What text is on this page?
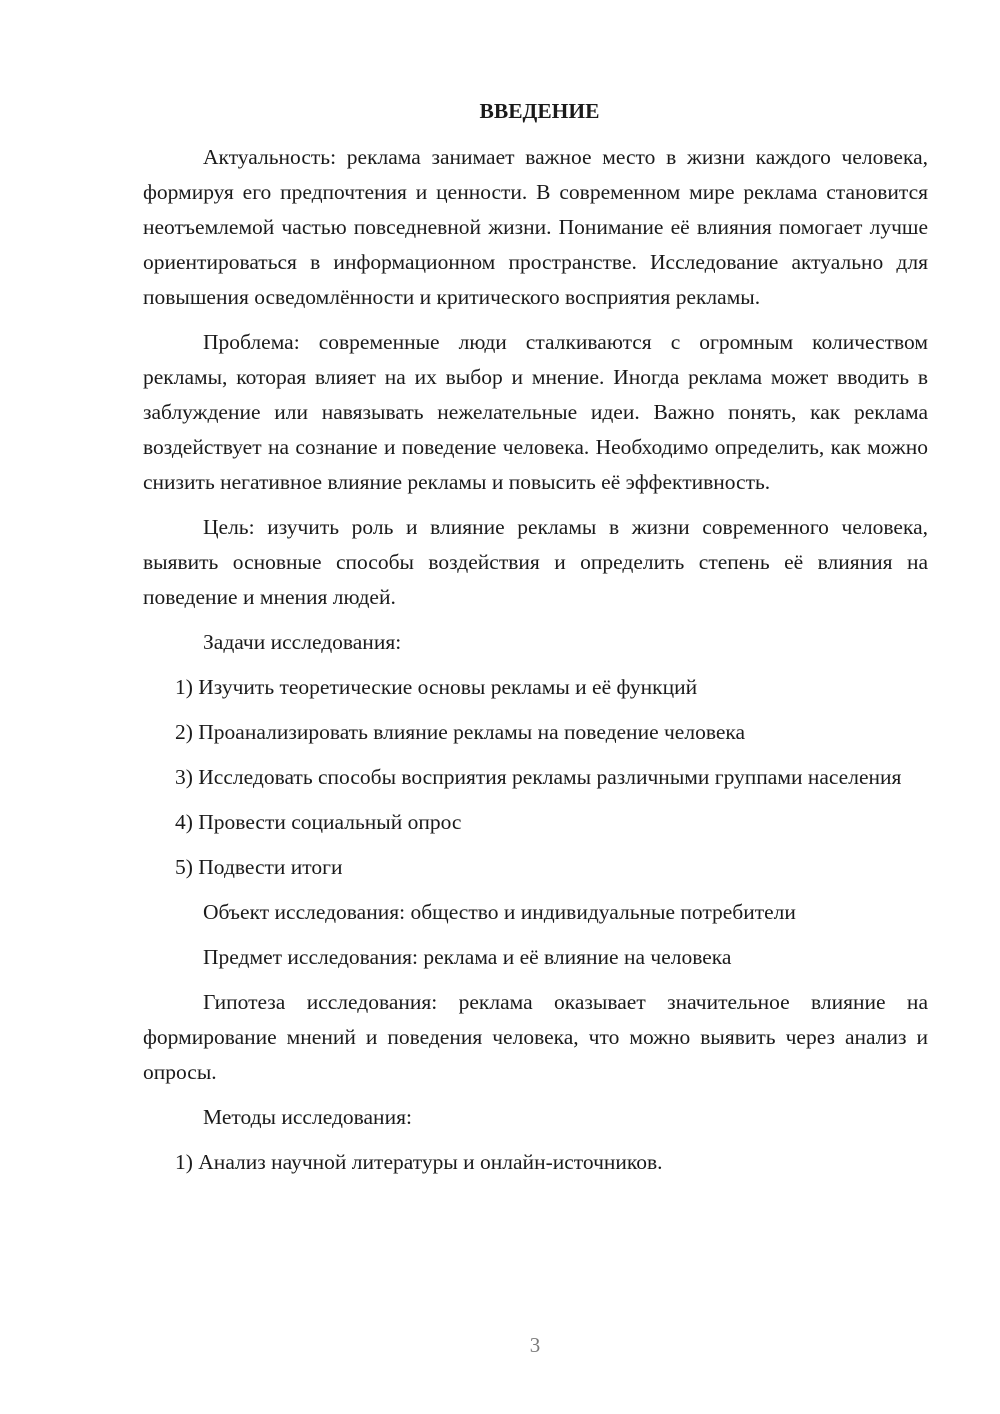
ВВЕДЕНИЕ

Актуальность: реклама занимает важное место в жизни каждого человека, формируя его предпочтения и ценности. В современном мире реклама становится неотъемлемой частью повседневной жизни. Понимание её влияния помогает лучше ориентироваться в информационном пространстве. Исследование актуально для повышения осведомлённости и критического восприятия рекламы.

Проблема: современные люди сталкиваются с огромным количеством рекламы, которая влияет на их выбор и мнение. Иногда реклама может вводить в заблуждение или навязывать нежелательные идеи. Важно понять, как реклама воздействует на сознание и поведение человека. Необходимо определить, как можно снизить негативное влияние рекламы и повысить её эффективность.

Цель: изучить роль и влияние рекламы в жизни современного человека, выявить основные способы воздействия и определить степень её влияния на поведение и мнения людей.

Задачи исследования:

1) Изучить теоретические основы рекламы и её функций

2) Проанализировать влияние рекламы на поведение человека

3) Исследовать способы восприятия рекламы различными группами населения

4) Провести социальный опрос

5) Подвести итоги

Объект исследования: общество и индивидуальные потребители

Предмет исследования: реклама и её влияние на человека

Гипотеза исследования: реклама оказывает значительное влияние на формирование мнений и поведения человека, что можно выявить через анализ и опросы.

Методы исследования:

1) Анализ научной литературы и онлайн-источников.

3
